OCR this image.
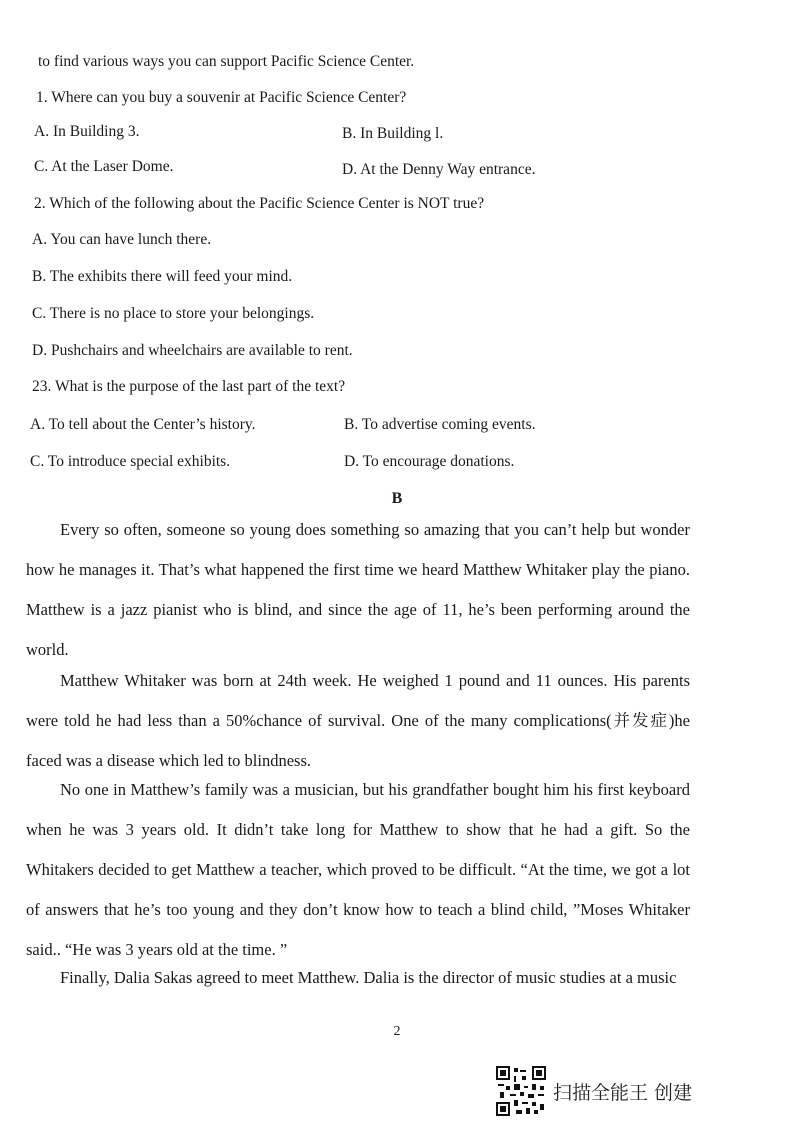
to find various ways you can support Pacific Science Center.
1. Where can you buy a souvenir at Pacific Science Center?
A. In Building 3.	B. In Building l.
C. At the Laser Dome.	D. At the Denny Way entrance.
2. Which of the following about the Pacific Science Center is NOT true?
A. You can have lunch there.
B. The exhibits there will feed your mind.
C. There is no place to store your belongings.
D. Pushchairs and wheelchairs are available to rent.
23. What is the purpose of the last part of the text?
A. To tell about the Center’s history.	B. To advertise coming events.
C. To introduce special exhibits.	D. To encourage donations.
B
Every so often, someone so young does something so amazing that you can’t help but wonder how he manages it. That’s what happened the first time we heard Matthew Whitaker play the piano. Matthew is a jazz pianist who is blind, and since the age of 11, he’s been performing around the world.
Matthew Whitaker was born at 24th week. He weighed 1 pound and 11 ounces. His parents were told he had less than a 50%chance of survival. One of the many complications(并发症)he faced was a disease which led to blindness.
No one in Matthew’s family was a musician, but his grandfather bought him his first keyboard when he was 3 years old. It didn’t take long for Matthew to show that he had a gift. So the Whitakers decided to get Matthew a teacher, which proved to be difficult. “At the time, we got a lot of answers that he’s too young and they don’t know how to teach a blind child, ”Moses Whitaker said.. “He was 3 years old at the time. ”
Finally, Dalia Sakas agreed to meet Matthew. Dalia is the director of music studies at a music
2
扫描全能王 创建
